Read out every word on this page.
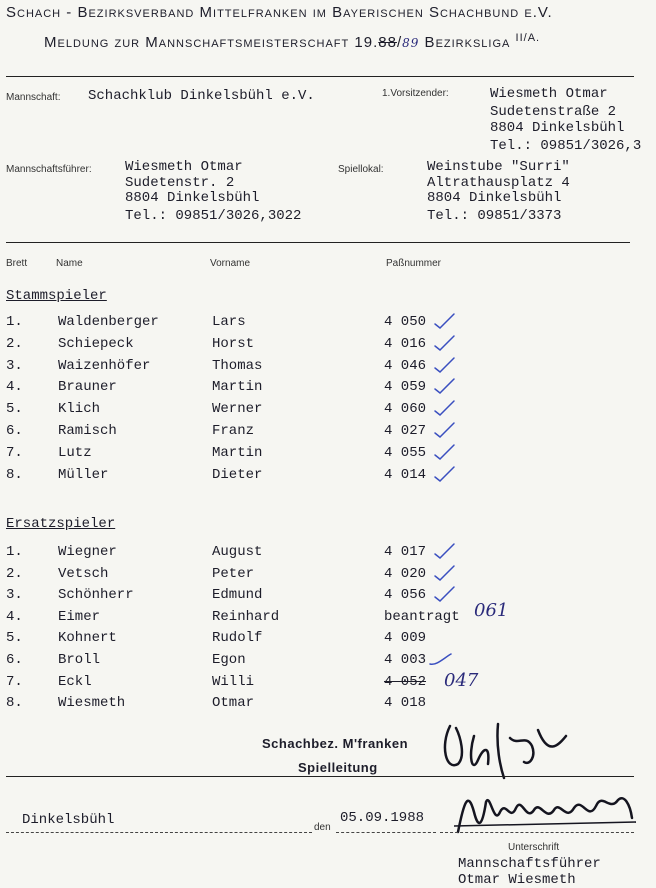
Schach - Bezirksverband Mittelfranken im Bayerischen Schachbund e.V.
Meldung zur Mannschaftsmeisterschaft 19.88/89 Bezirksliga $^{II/A.}$
Mannschaft: Schachklub Dinkelsbühl e.V.	1.Vorsitzender:	Wiesmeth Otmar
Sudetenstraße 2
8804 Dinkelsbühl
Tel.: 09851/3026,3
Mannschaftsführer: Wiesmeth Otmar
Sudetenstr. 2
8804 Dinkelsbühl
Tel.: 09851/3026,3022
Spiellokal:	Weinstube "Surri"
Altrathausplatz 4
8804 Dinkelsbühl
Tel.: 09851/3373
Brett	Name	Vorname	Paßnummer
Stammspieler
1.	Waldenberger	Lars	4 050
2.	Schiepeck	Horst	4 016
3.	Waizenhöfer	Thomas	4 046
4.	Brauner	Martin	4 059
5.	Klich	Werner	4 060
6.	Ramisch	Franz	4 027
7.	Lutz	Martin	4 055
8.	Müller	Dieter	4 014
Ersatzspieler
1.	Wiegner	August	4 017
2.	Vetsch	Peter	4 020
3.	Schönherr	Edmund	4 056
4.	Eimer	Reinhard	beantragt
5.	Kohnert	Rudolf	4 009
6.	Broll	Egon	4 003
7.	Eckl	Willi	4 052
8.	Wiesmeth	Otmar	4 018
061
047
Schachbez. M'franken
Spielleitung
Dinkelsbühl	den
05.09.1988
Unterschrift
Mannschaftsführer
Otmar Wiesmeth
